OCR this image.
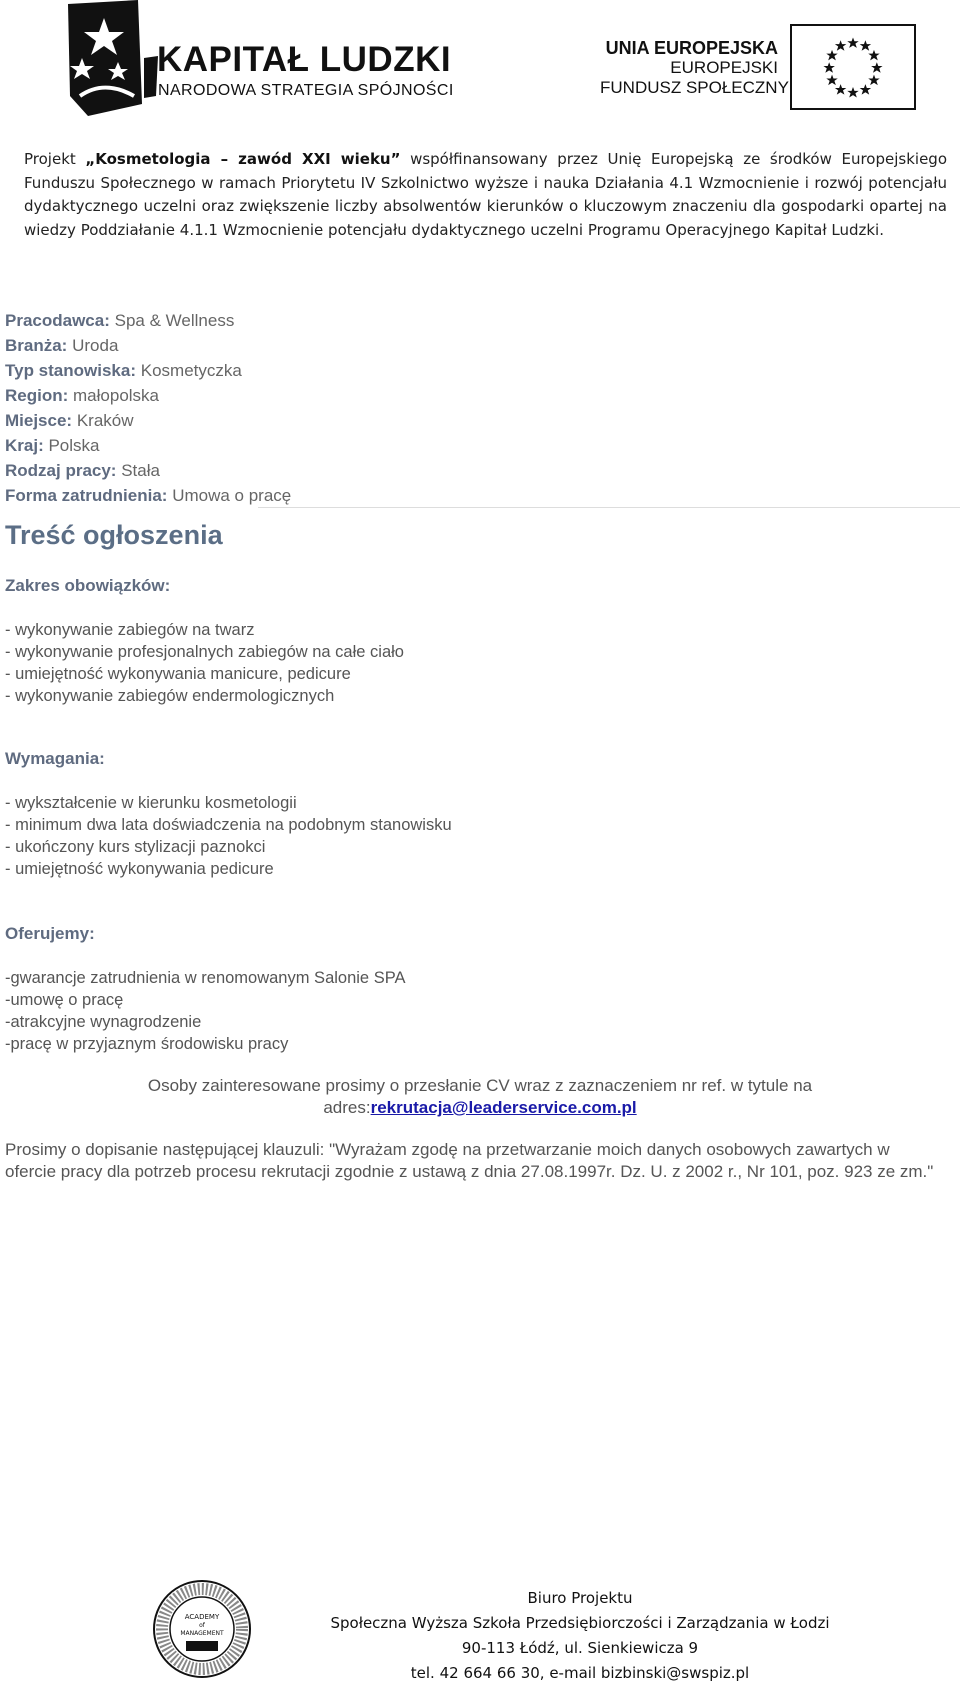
KAPITAŁ LUDZKI
NARODOWA STRATEGIA SPÓJNOŚCI
UNIA EUROPEJSKA
EUROPEJSKI
FUNDUSZ SPOŁECZNY

Projekt „Kosmetologia – zawód XXI wieku” współfinansowany przez Unię Europejską ze środków Europejskiego Funduszu Społecznego w ramach Priorytetu IV Szkolnictwo wyższe i nauka Działania 4.1 Wzmocnienie i rozwój potencjału dydaktycznego uczelni oraz zwiększenie liczby absolwentów kierunków o kluczowym znaczeniu dla gospodarki opartej na wiedzy Poddziałanie 4.1.1 Wzmocnienie potencjału dydaktycznego uczelni Programu Operacyjnego Kapitał Ludzki.

Pracodawca: Spa & Wellness
Branża: Uroda
Typ stanowiska: Kosmetyczka
Region: małopolska
Miejsce: Kraków
Kraj: Polska
Rodzaj pracy: Stała
Forma zatrudnienia: Umowa o pracę
Treść ogłoszenia
Zakres obowiązków:
- wykonywanie zabiegów na twarz
- wykonywanie profesjonalnych zabiegów na całe ciało
- umiejętność wykonywania manicure, pedicure
- wykonywanie zabiegów endermologicznych
Wymagania:
- wykształcenie w kierunku kosmetologii
- minimum dwa lata doświadczenia na podobnym stanowisku
- ukończony kurs stylizacji paznokci
- umiejętność wykonywania pedicure
Oferujemy:
-gwarancje zatrudnienia w renomowanym Salonie SPA
-umowę o pracę
-atrakcyjne wynagrodzenie
-pracę w przyjaznym środowisku pracy
Osoby zainteresowane prosimy o przesłanie CV wraz z zaznaczeniem nr ref. w tytule na
adres:rekrutacja@leaderservice.com.pl

Prosimy o dopisanie następującej klauzuli: "Wyrażam zgodę na przetwarzanie moich danych osobowych zawartych w ofercie pracy dla potrzeb procesu rekrutacji zgodnie z ustawą z dnia 27.08.1997r. Dz. U. z 2002 r., Nr 101, poz. 923 ze zm."

ACADEMY
of
MANAGEMENT
Biuro Projektu
Społeczna Wyższa Szkoła Przedsiębiorczości i Zarządzania w Łodzi
90-113 Łódź, ul. Sienkiewicza 9
tel. 42 664 66 30, e-mail bizbinski@swspiz.pl
